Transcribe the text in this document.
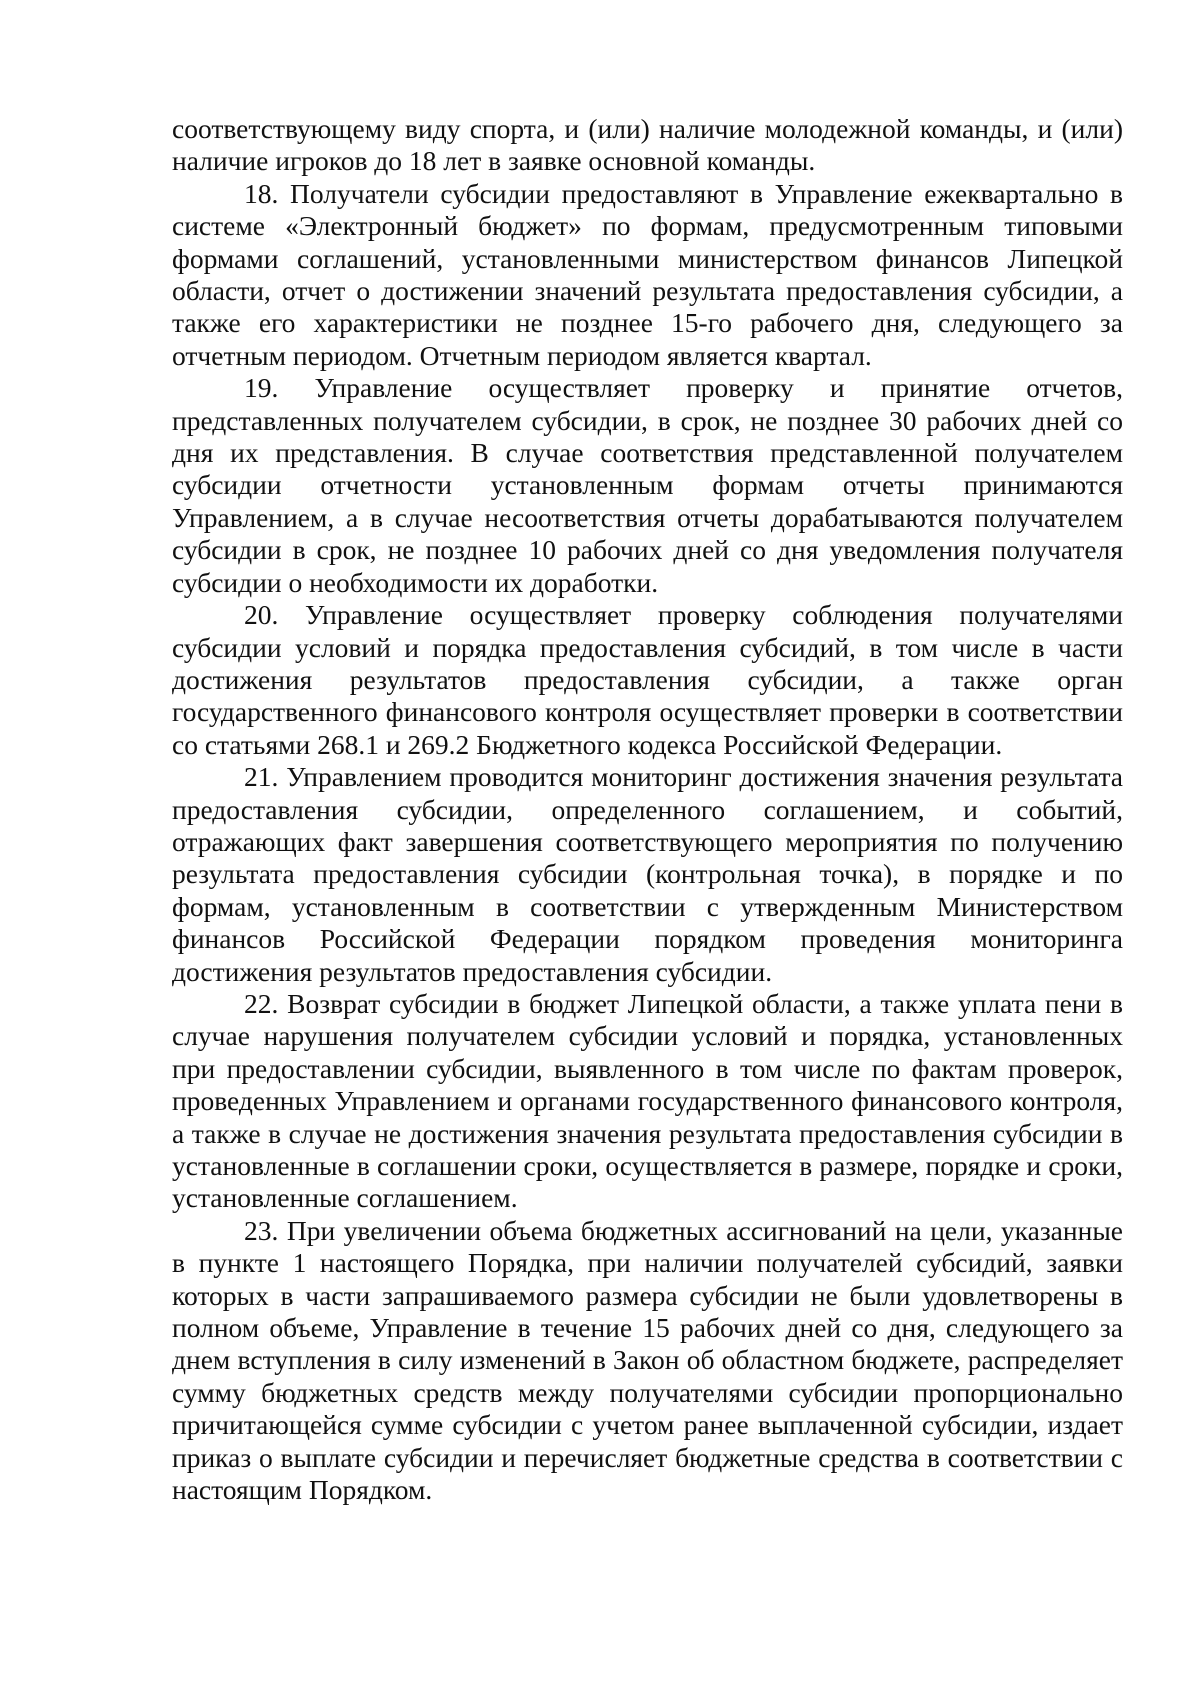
соответствующему виду спорта, и (или) наличие молодежной команды, и (или) наличие игроков до 18 лет в заявке основной команды.

18. Получатели субсидии предоставляют в Управление ежеквартально в системе «Электронный бюджет» по формам, предусмотренным типовыми формами соглашений, установленными министерством финансов Липецкой области, отчет о достижении значений результата предоставления субсидии, а также его характеристики не позднее 15-го рабочего дня, следующего за отчетным периодом. Отчетным периодом является квартал.

19. Управление осуществляет проверку и принятие отчетов, представленных получателем субсидии, в срок, не позднее 30 рабочих дней со дня их представления. В случае соответствия представленной получателем субсидии отчетности установленным формам отчеты принимаются Управлением, а в случае несоответствия отчеты дорабатываются получателем субсидии в срок, не позднее 10 рабочих дней со дня уведомления получателя субсидии о необходимости их доработки.

20. Управление осуществляет проверку соблюдения получателями субсидии условий и порядка предоставления субсидий, в том числе в части достижения результатов предоставления субсидии, а также орган государственного финансового контроля осуществляет проверки в соответствии со статьями 268.1 и 269.2 Бюджетного кодекса Российской Федерации.

21. Управлением проводится мониторинг достижения значения результата предоставления субсидии, определенного соглашением, и событий, отражающих факт завершения соответствующего мероприятия по получению результата предоставления субсидии (контрольная точка), в порядке и по формам, установленным в соответствии с утвержденным Министерством финансов Российской Федерации порядком проведения мониторинга достижения результатов предоставления субсидии.

22. Возврат субсидии в бюджет Липецкой области, а также уплата пени в случае нарушения получателем субсидии условий и порядка, установленных при предоставлении субсидии, выявленного в том числе по фактам проверок, проведенных Управлением и органами государственного финансового контроля, а также в случае не достижения значения результата предоставления субсидии в установленные в соглашении сроки, осуществляется в размере, порядке и сроки, установленные соглашением.

23. При увеличении объема бюджетных ассигнований на цели, указанные в пункте 1 настоящего Порядка, при наличии получателей субсидий, заявки которых в части запрашиваемого размера субсидии не были удовлетворены в полном объеме, Управление в течение 15 рабочих дней со дня, следующего за днем вступления в силу изменений в Закон об областном бюджете, распределяет сумму бюджетных средств между получателями субсидии пропорционально причитающейся сумме субсидии с учетом ранее выплаченной субсидии, издает приказ о выплате субсидии и перечисляет бюджетные средства в соответствии с настоящим Порядком.
